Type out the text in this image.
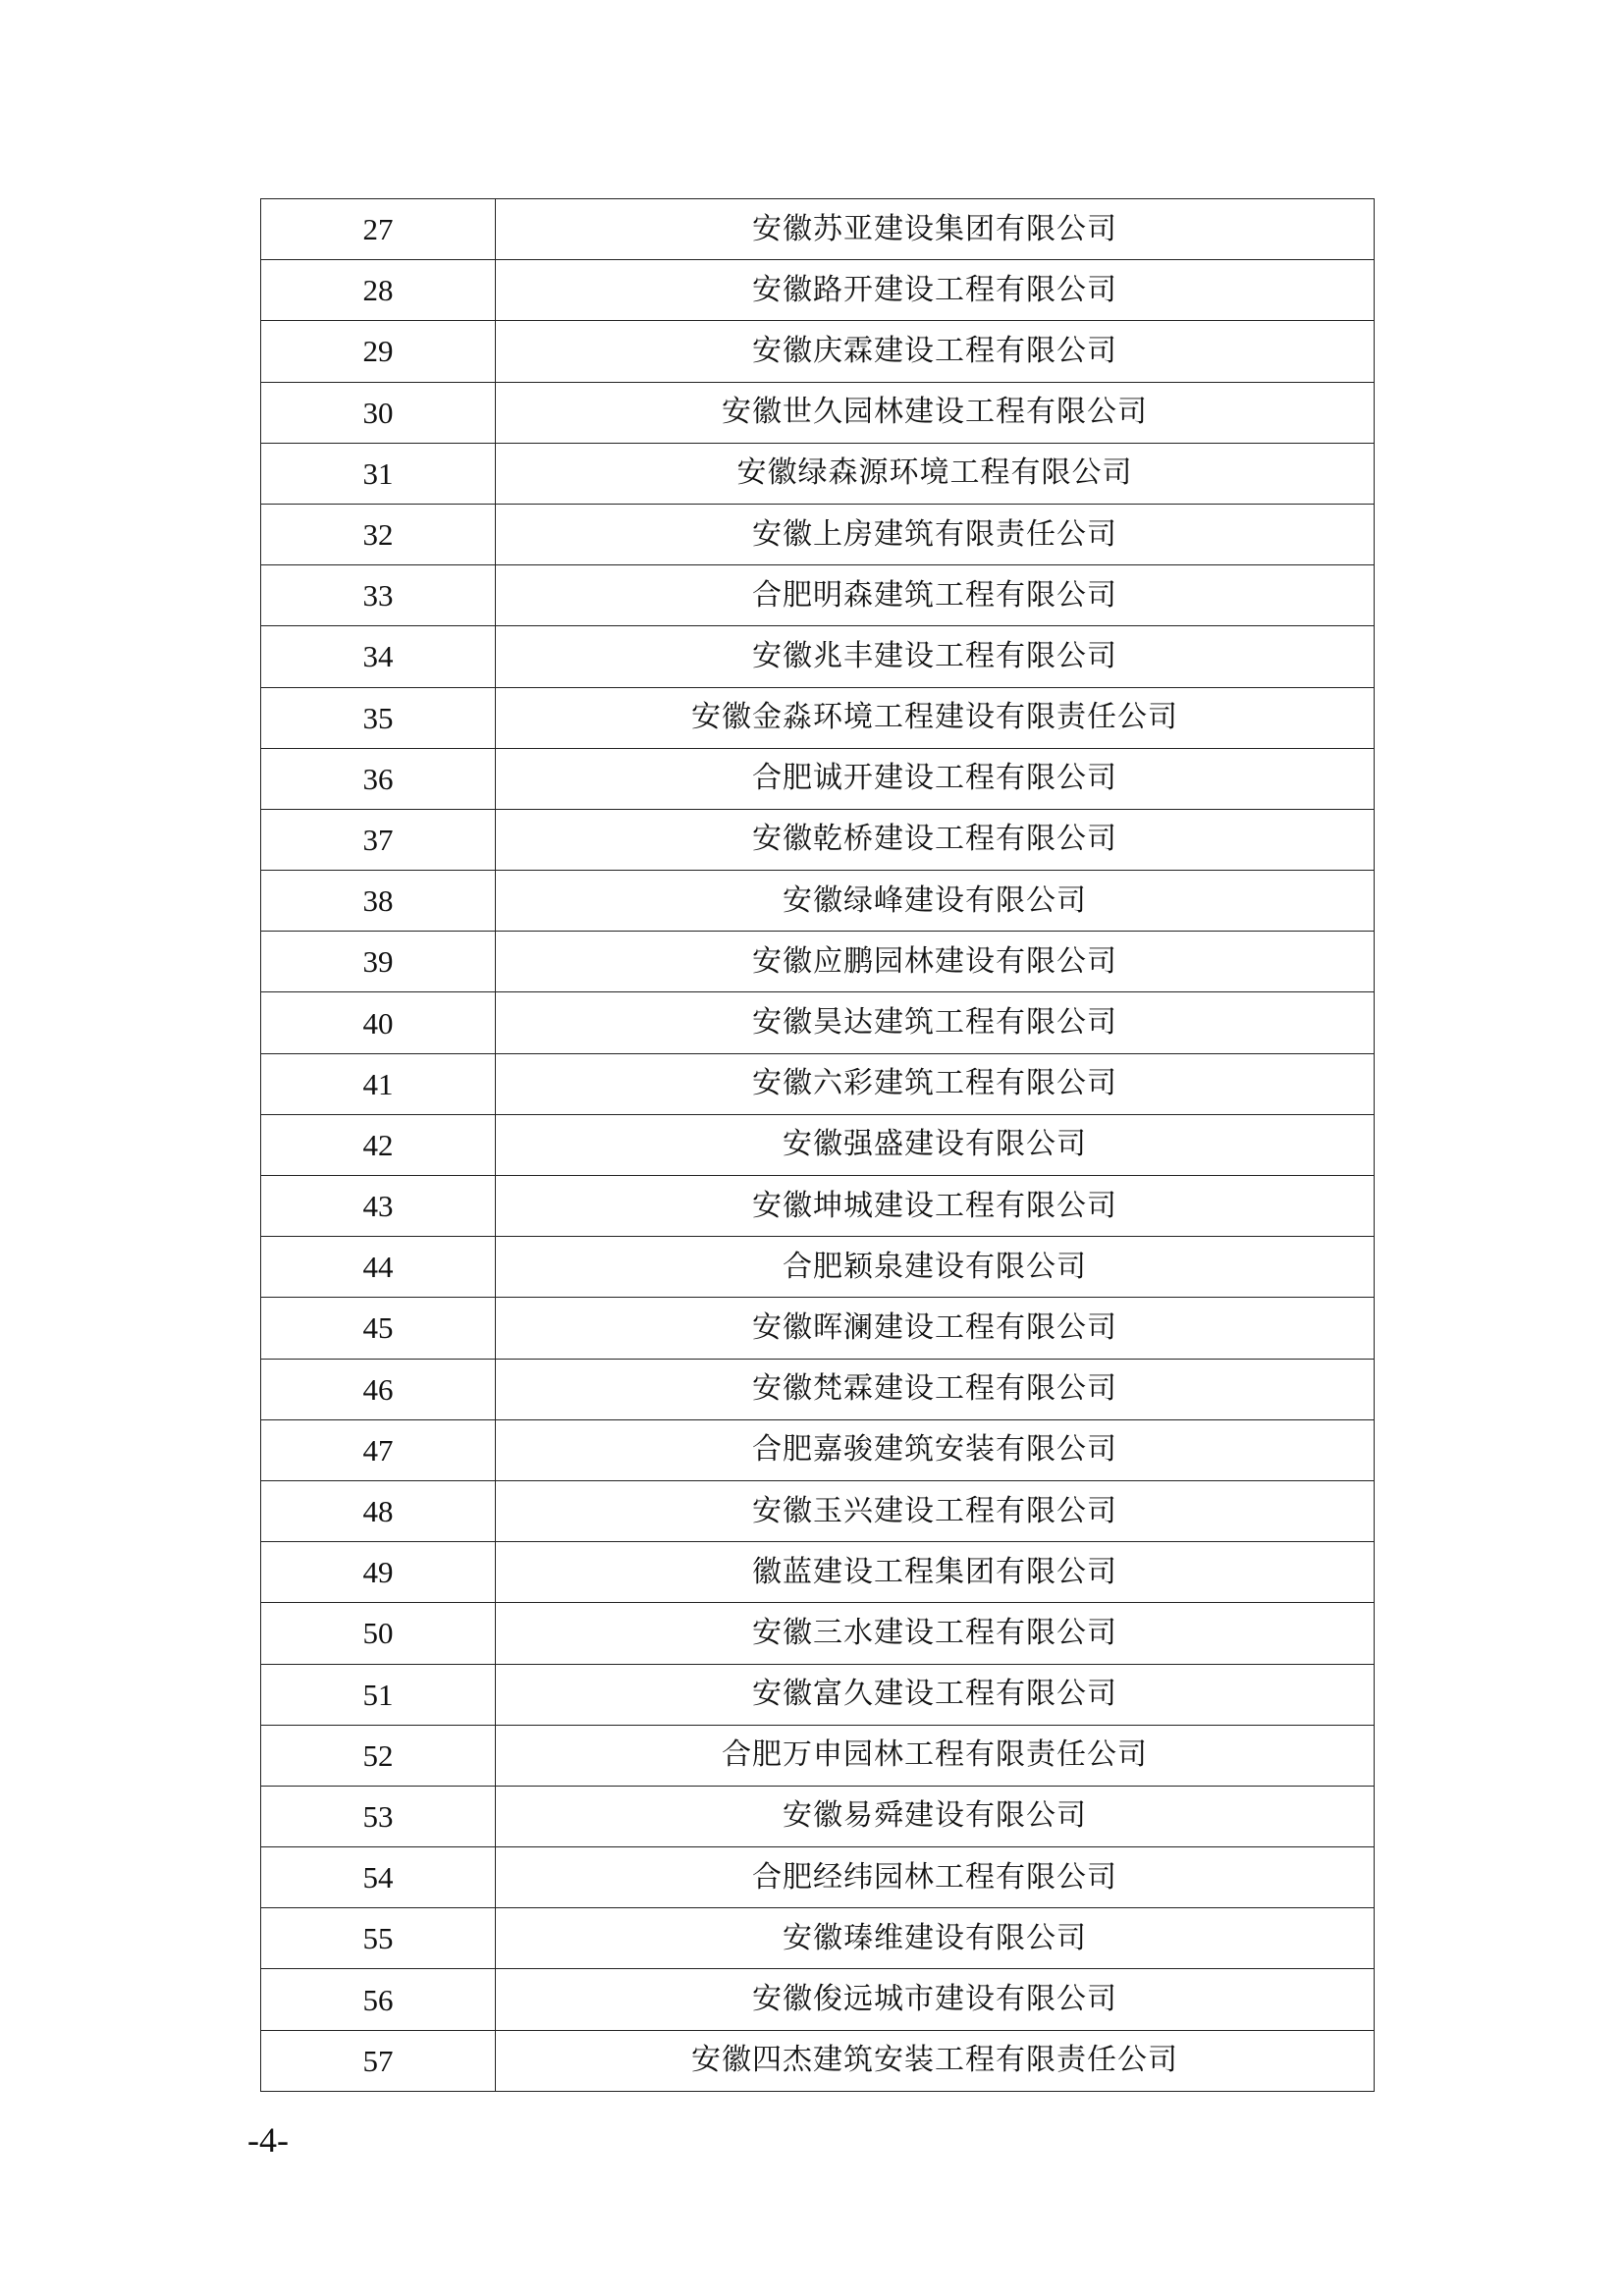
27	安徽苏亚建设集团有限公司
28	安徽路开建设工程有限公司
29	安徽庆霖建设工程有限公司
30	安徽世久园林建设工程有限公司
31	安徽绿森源环境工程有限公司
32	安徽上房建筑有限责任公司
33	合肥明森建筑工程有限公司
34	安徽兆丰建设工程有限公司
35	安徽金淼环境工程建设有限责任公司
36	合肥诚开建设工程有限公司
37	安徽乾桥建设工程有限公司
38	安徽绿峰建设有限公司
39	安徽应鹏园林建设有限公司
40	安徽昊达建筑工程有限公司
41	安徽六彩建筑工程有限公司
42	安徽强盛建设有限公司
43	安徽坤城建设工程有限公司
44	合肥颖泉建设有限公司
45	安徽晖澜建设工程有限公司
46	安徽梵霖建设工程有限公司
47	合肥嘉骏建筑安装有限公司
48	安徽玉兴建设工程有限公司
49	徽蓝建设工程集团有限公司
50	安徽三水建设工程有限公司
51	安徽富久建设工程有限公司
52	合肥万申园林工程有限责任公司
53	安徽易舜建设有限公司
54	合肥经纬园林工程有限公司
55	安徽瑧维建设有限公司
56	安徽俊远城市建设有限公司
57	安徽四杰建筑安装工程有限责任公司
-4-
